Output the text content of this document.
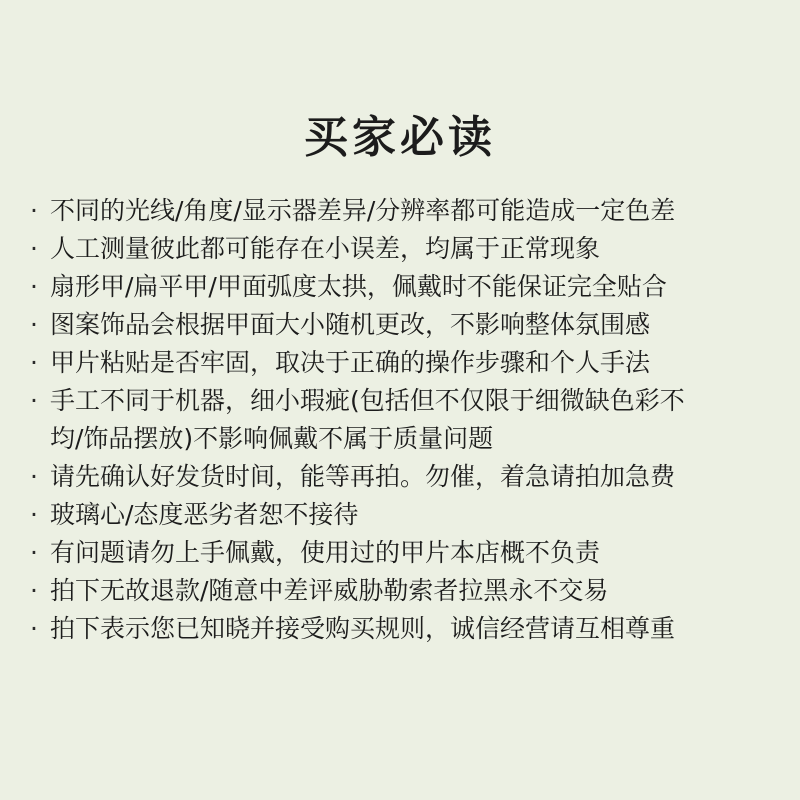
买家必读
· 不同的光线/角度/显示器差异/分辨率都可能造成一定色差
· 人工测量彼此都可能存在小误差，均属于正常现象
· 扇形甲/扁平甲/甲面弧度太拱，佩戴时不能保证完全贴合
· 图案饰品会根据甲面大小随机更改，不影响整体氛围感
· 甲片粘贴是否牢固，取决于正确的操作步骤和个人手法
· 手工不同于机器，细小瑕疵(包括但不仅限于细微缺色彩不
均/饰品摆放)不影响佩戴不属于质量问题
· 请先确认好发货时间，能等再拍。勿催，着急请拍加急费
· 玻璃心/态度恶劣者恕不接待
· 有问题请勿上手佩戴，使用过的甲片本店概不负责
· 拍下无故退款/随意中差评威胁勒索者拉黑永不交易
· 拍下表示您已知晓并接受购买规则，诚信经营请互相尊重
